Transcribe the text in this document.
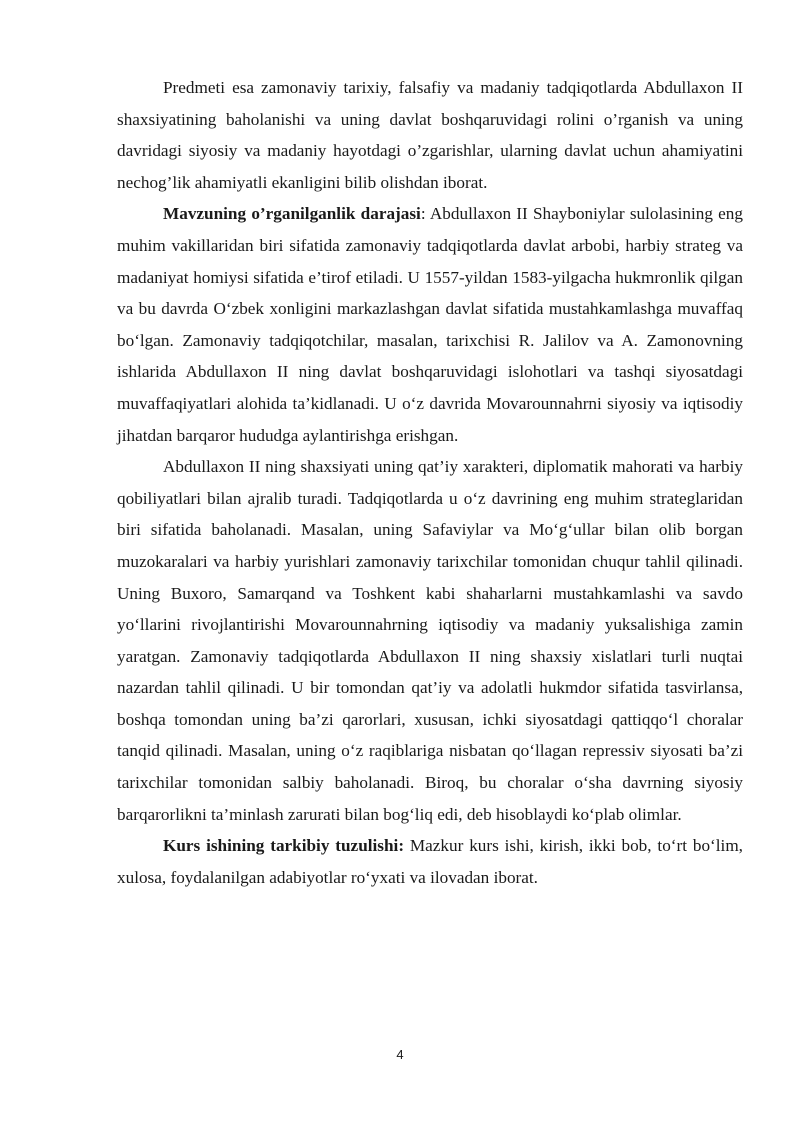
Predmeti esa zamonaviy tarixiy, falsafiy va madaniy tadqiqotlarda Abdullaxon II shaxsiyatining baholanishi va uning davlat boshqaruvidagi rolini o’rganish va uning davridagi siyosiy va madaniy hayotdagi o’zgarishlar, ularning davlat uchun ahamiyatini nechog’lik ahamiyatli ekanligini bilib olishdan iborat.

Mavzuning o’rganilganlik darajasi: Abdullaxon II Shayboniylar sulolasining eng muhim vakillaridan biri sifatida zamonaviy tadqiqotlarda davlat arbobi, harbiy strateg va madaniyat homiysi sifatida e’tirof etiladi. U 1557-yildan 1583-yilgacha hukmronlik qilgan va bu davrda O‘zbek xonligini markazlashgan davlat sifatida mustahkamlashga muvaffaq bo‘lgan. Zamonaviy tadqiqotchilar, masalan, tarixchisi R. Jalilov va A. Zamonovning ishlarida Abdullaxon II ning davlat boshqaruvidagi islohotlari va tashqi siyosatdagi muvaffaqiyatlari alohida ta’kidlanadi. U o‘z davrida Movarounnahrni siyosiy va iqtisodiy jihatdan barqaror hududga aylantirishga erishgan.

Abdullaxon II ning shaxsiyati uning qat’iy xarakteri, diplomatik mahorati va harbiy qobiliyatlari bilan ajralib turadi. Tadqiqotlarda u o‘z davrining eng muhim strateglaridan biri sifatida baholanadi. Masalan, uning Safaviylar va Mo‘g‘ullar bilan olib borgan muzokaralari va harbiy yurishlari zamonaviy tarixchilar tomonidan chuqur tahlil qilinadi. Uning Buxoro, Samarqand va Toshkent kabi shaharlarni mustahkamlashi va savdo yo‘llarini rivojlantirishi Movarounnahrning iqtisodiy va madaniy yuksalishiga zamin yaratgan. Zamonaviy tadqiqotlarda Abdullaxon II ning shaxsiy xislatlari turli nuqtai nazardan tahlil qilinadi. U bir tomondan qat’iy va adolatli hukmdor sifatida tasvirlansa, boshqa tomondan uning ba’zi qarorlari, xususan, ichki siyosatdagi qattiqqo‘l choralar tanqid qilinadi. Masalan, uning o‘z raqiblariga nisbatan qo‘llagan repressiv siyosati ba’zi tarixchilar tomonidan salbiy baholanadi. Biroq, bu choralar o‘sha davrning siyosiy barqarorlikni ta’minlash zarurati bilan bog‘liq edi, deb hisoblaydi ko‘plab olimlar.

Kurs ishining tarkibiy tuzulishi: Mazkur kurs ishi, kirish, ikki bob, to‘rt bo‘lim, xulosa, foydalanilgan adabiyotlar ro‘yxati va ilovadan iborat.

4
